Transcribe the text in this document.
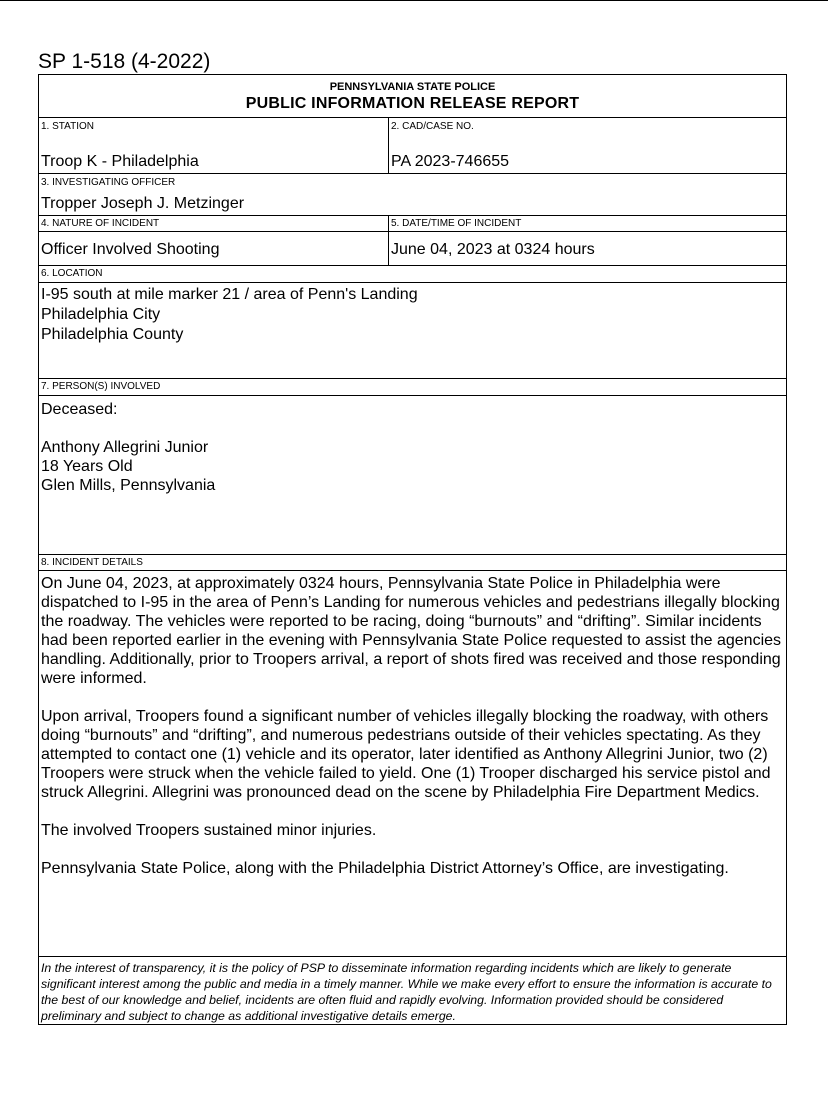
SP 1-518 (4-2022)
PENNSYLVANIA STATE POLICE
PUBLIC INFORMATION RELEASE REPORT
1. STATION
Troop K - Philadelphia
2. CAD/CASE NO.
PA 2023-746655
3. INVESTIGATING OFFICER
Tropper Joseph J. Metzinger
4. NATURE OF INCIDENT
Officer Involved Shooting
5. DATE/TIME OF INCIDENT
June 04, 2023 at 0324 hours
6. LOCATION
I-95 south at mile marker 21 / area of Penn's Landing
Philadelphia City
Philadelphia County
7. PERSON(S) INVOLVED
Deceased:
Anthony Allegrini Junior
18 Years Old
Glen Mills, Pennsylvania
8. INCIDENT DETAILS

On June 04, 2023, at approximately 0324 hours, Pennsylvania State Police in Philadelphia were dispatched to I-95 in the area of Penn’s Landing for numerous vehicles and pedestrians illegally blocking the roadway. The vehicles were reported to be racing, doing “burnouts” and “drifting”. Similar incidents had been reported earlier in the evening with Pennsylvania State Police requested to assist the agencies handling. Additionally, prior to Troopers arrival, a report of shots fired was received and those responding were informed.

Upon arrival, Troopers found a significant number of vehicles illegally blocking the roadway, with others doing “burnouts” and “drifting”, and numerous pedestrians outside of their vehicles spectating. As they attempted to contact one (1) vehicle and its operator, later identified as Anthony Allegrini Junior, two (2) Troopers were struck when the vehicle failed to yield. One (1) Trooper discharged his service pistol and struck Allegrini. Allegrini was pronounced dead on the scene by Philadelphia Fire Department Medics.

The involved Troopers sustained minor injuries.

Pennsylvania State Police, along with the Philadelphia District Attorney’s Office, are investigating.

In the interest of transparency, it is the policy of PSP to disseminate information regarding incidents which are likely to generate significant interest among the public and media in a timely manner. While we make every effort to ensure the information is accurate to the best of our knowledge and belief, incidents are often fluid and rapidly evolving. Information provided should be considered preliminary and subject to change as additional investigative details emerge.
